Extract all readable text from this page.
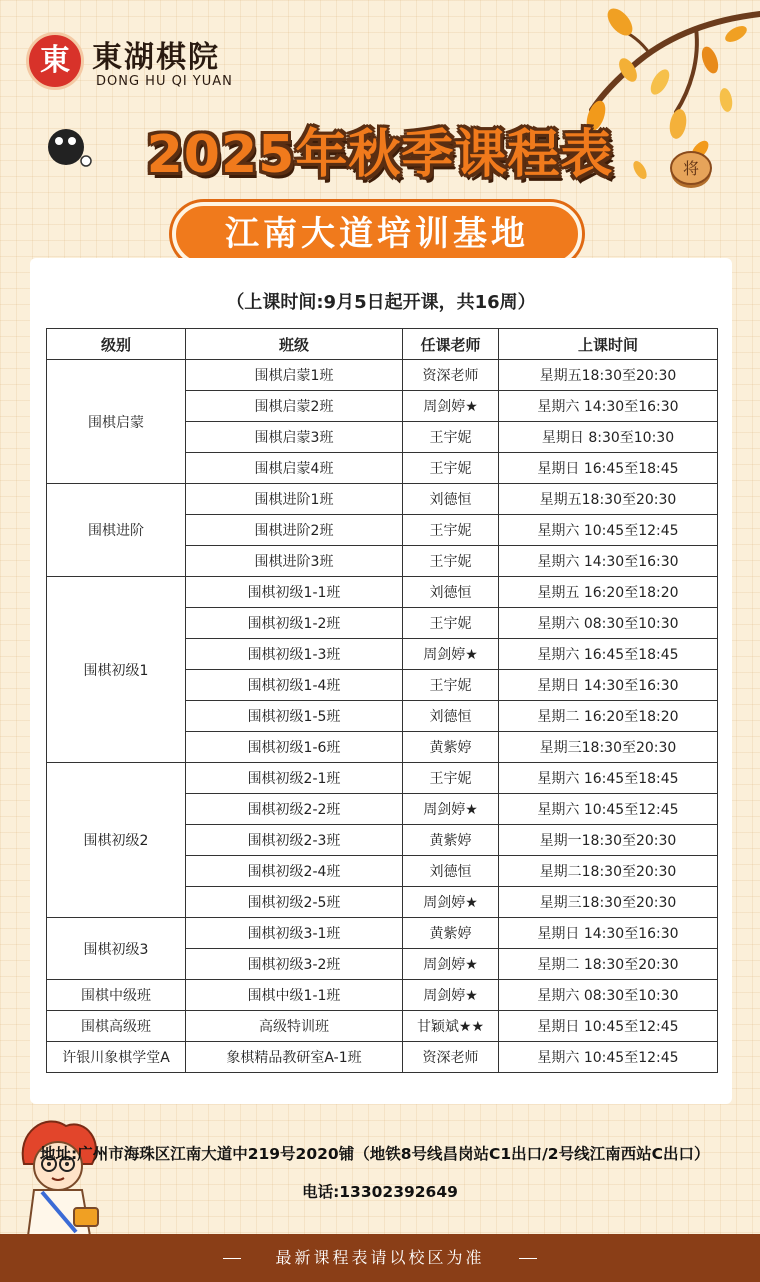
東 東湖棋院
DONG HU QI YUAN
2025年秋季课程表	将
江南大道培训基地
（上课时间:9月5日起开课，共16周）
级别	班级	任课老师	上课时间
围棋启蒙	围棋启蒙1班	资深老师	星期五18:30至20:30
	围棋启蒙2班	周剑婷★	星期六 14:30至16:30
	围棋启蒙3班	王宇妮	星期日 8:30至10:30
	围棋启蒙4班	王宇妮	星期日 16:45至18:45
围棋进阶	围棋进阶1班	刘德恒	星期五18:30至20:30
	围棋进阶2班	王宇妮	星期六 10:45至12:45
	围棋进阶3班	王宇妮	星期六 14:30至16:30
围棋初级1	围棋初级1-1班	刘德恒	星期五 16:20至18:20
	围棋初级1-2班	王宇妮	星期六 08:30至10:30
	围棋初级1-3班	周剑婷★	星期六 16:45至18:45
	围棋初级1-4班	王宇妮	星期日 14:30至16:30
	围棋初级1-5班	刘德恒	星期二 16:20至18:20
	围棋初级1-6班	黄紫婷	星期三18:30至20:30
围棋初级2	围棋初级2-1班	王宇妮	星期六 16:45至18:45
	围棋初级2-2班	周剑婷★	星期六 10:45至12:45
	围棋初级2-3班	黄紫婷	星期一18:30至20:30
	围棋初级2-4班	刘德恒	星期二18:30至20:30
	围棋初级2-5班	周剑婷★	星期三18:30至20:30
围棋初级3	围棋初级3-1班	黄紫婷	星期日 14:30至16:30
	围棋初级3-2班	周剑婷★	星期二 18:30至20:30
围棋中级班	围棋中级1-1班	周剑婷★	星期六 08:30至10:30
围棋高级班	高级特训班	甘颖斌★★	星期日 10:45至12:45
许银川象棋学堂A	象棋精品教研室A-1班	资深老师	星期六 10:45至12:45
地址:广州市海珠区江南大道中219号2020铺（地铁8号线昌岗站C1出口/2号线江南西站C出口）
电话:13302392649
最新课程表请以校区为准
